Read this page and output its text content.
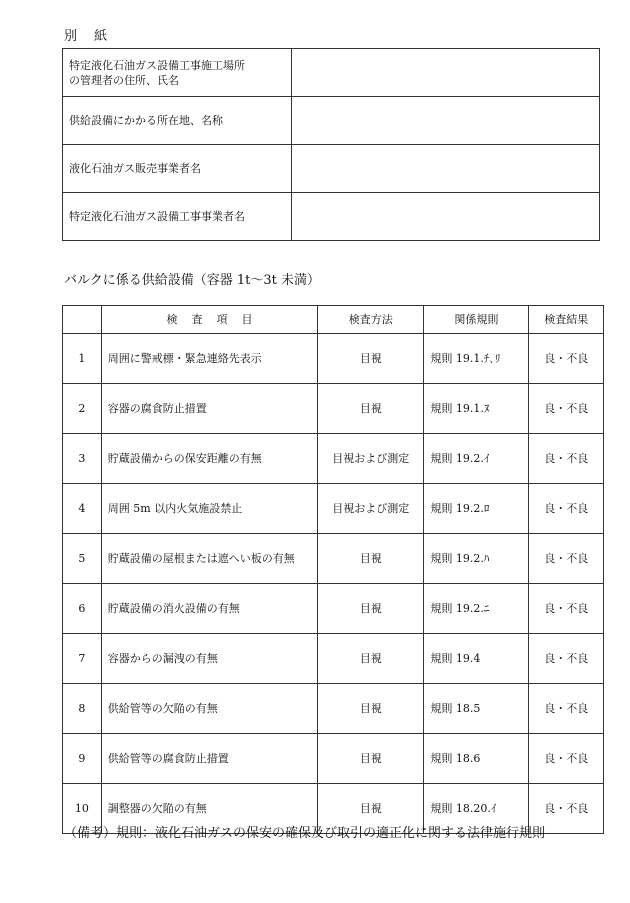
別　紙
特定液化石油ガス設備工事施工場所
の管理者の住所、氏名	
供給設備にかかる所在地、名称	
液化石油ガス販売事業者名	
特定液化石油ガス設備工事事業者名	
バルクに係る供給設備（容器 1t～3t 未満）
	検査項目	検査方法	関係規則	検査結果
1	周囲に警戒標・緊急連絡先表示	目視	規則 19.1.ﾁ､ﾘ	良・不良
2	容器の腐食防止措置	目視	規則 19.1.ﾇ	良・不良
3	貯蔵設備からの保安距離の有無	目視および測定	規則 19.2.ｲ	良・不良
4	周囲 5m 以内火気施設禁止	目視および測定	規則 19.2.ﾛ	良・不良
5	貯蔵設備の屋根または遮へい板の有無	目視	規則 19.2.ﾊ	良・不良
6	貯蔵設備の消火設備の有無	目視	規則 19.2.ﾆ	良・不良
7	容器からの漏洩の有無	目視	規則 19.4	良・不良
8	供給管等の欠陥の有無	目視	規則 18.5	良・不良
9	供給管等の腐食防止措置	目視	規則 18.6	良・不良
10	調整器の欠陥の有無	目視	規則 18.20.ｲ	良・不良
（備考）規則：液化石油ガスの保安の確保及び取引の適正化に関する法律施行規則
